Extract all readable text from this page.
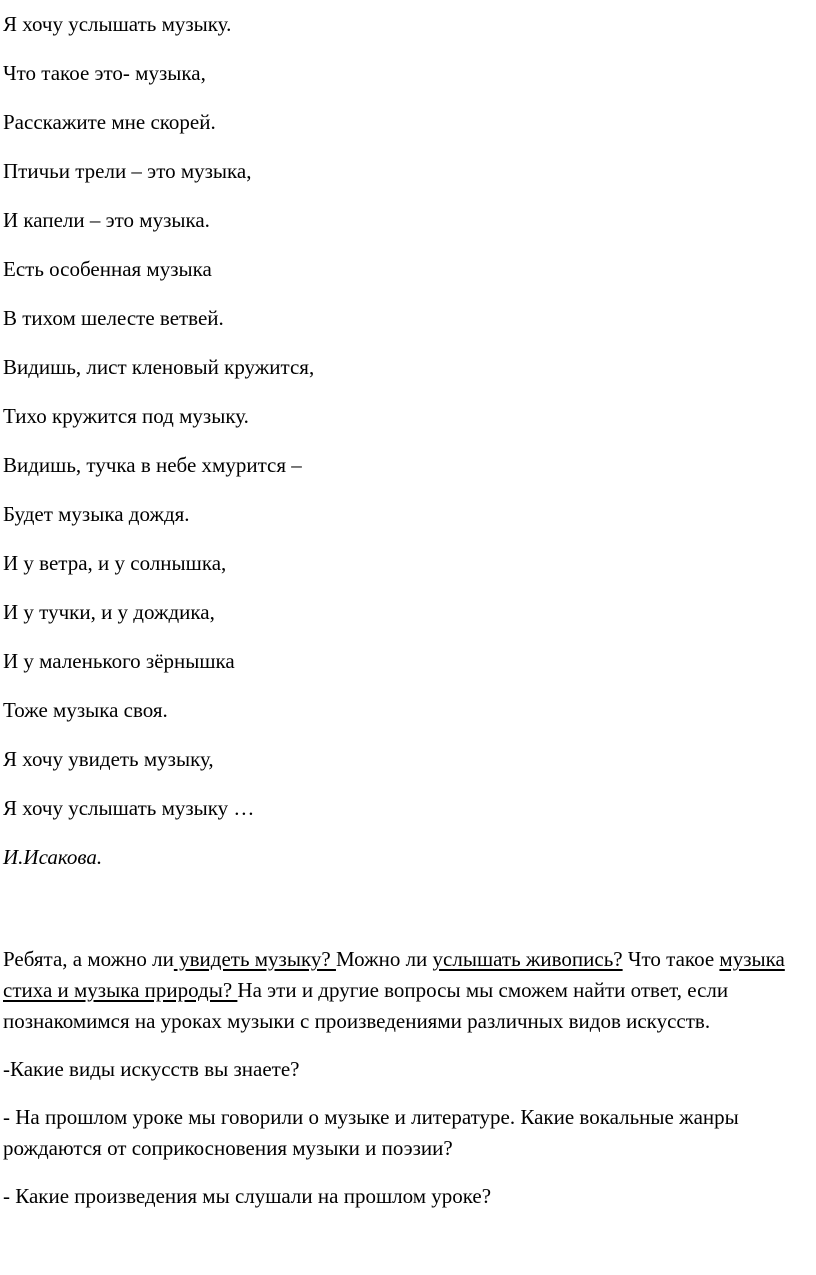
Я хочу услышать музыку.
Что такое это- музыка,
Расскажите мне скорей.
Птичьи трели – это музыка,
И капели – это музыка.
Есть особенная музыка
В тихом шелесте ветвей.
Видишь, лист кленовый кружится,
Тихо кружится под музыку.
Видишь, тучка в небе хмурится –
Будет музыка дождя.
И у ветра, и у солнышка,
И у тучки, и у дождика,
И у маленького зёрнышка
Тоже музыка своя.
Я хочу увидеть музыку,
Я хочу услышать музыку …
И.Исакова.

Ребята, а можно ли увидеть музыку? Можно ли услышать живопись? Что такое музыка стиха и музыка природы? На эти и другие вопросы мы сможем найти ответ, если познакомимся на уроках музыки с произведениями различных видов искусств.

-Какие виды искусств вы знаете?

- На прошлом уроке мы говорили о музыке и литературе. Какие вокальные жанры рождаются от соприкосновения музыки и поэзии?

- Какие произведения мы слушали на прошлом уроке?
